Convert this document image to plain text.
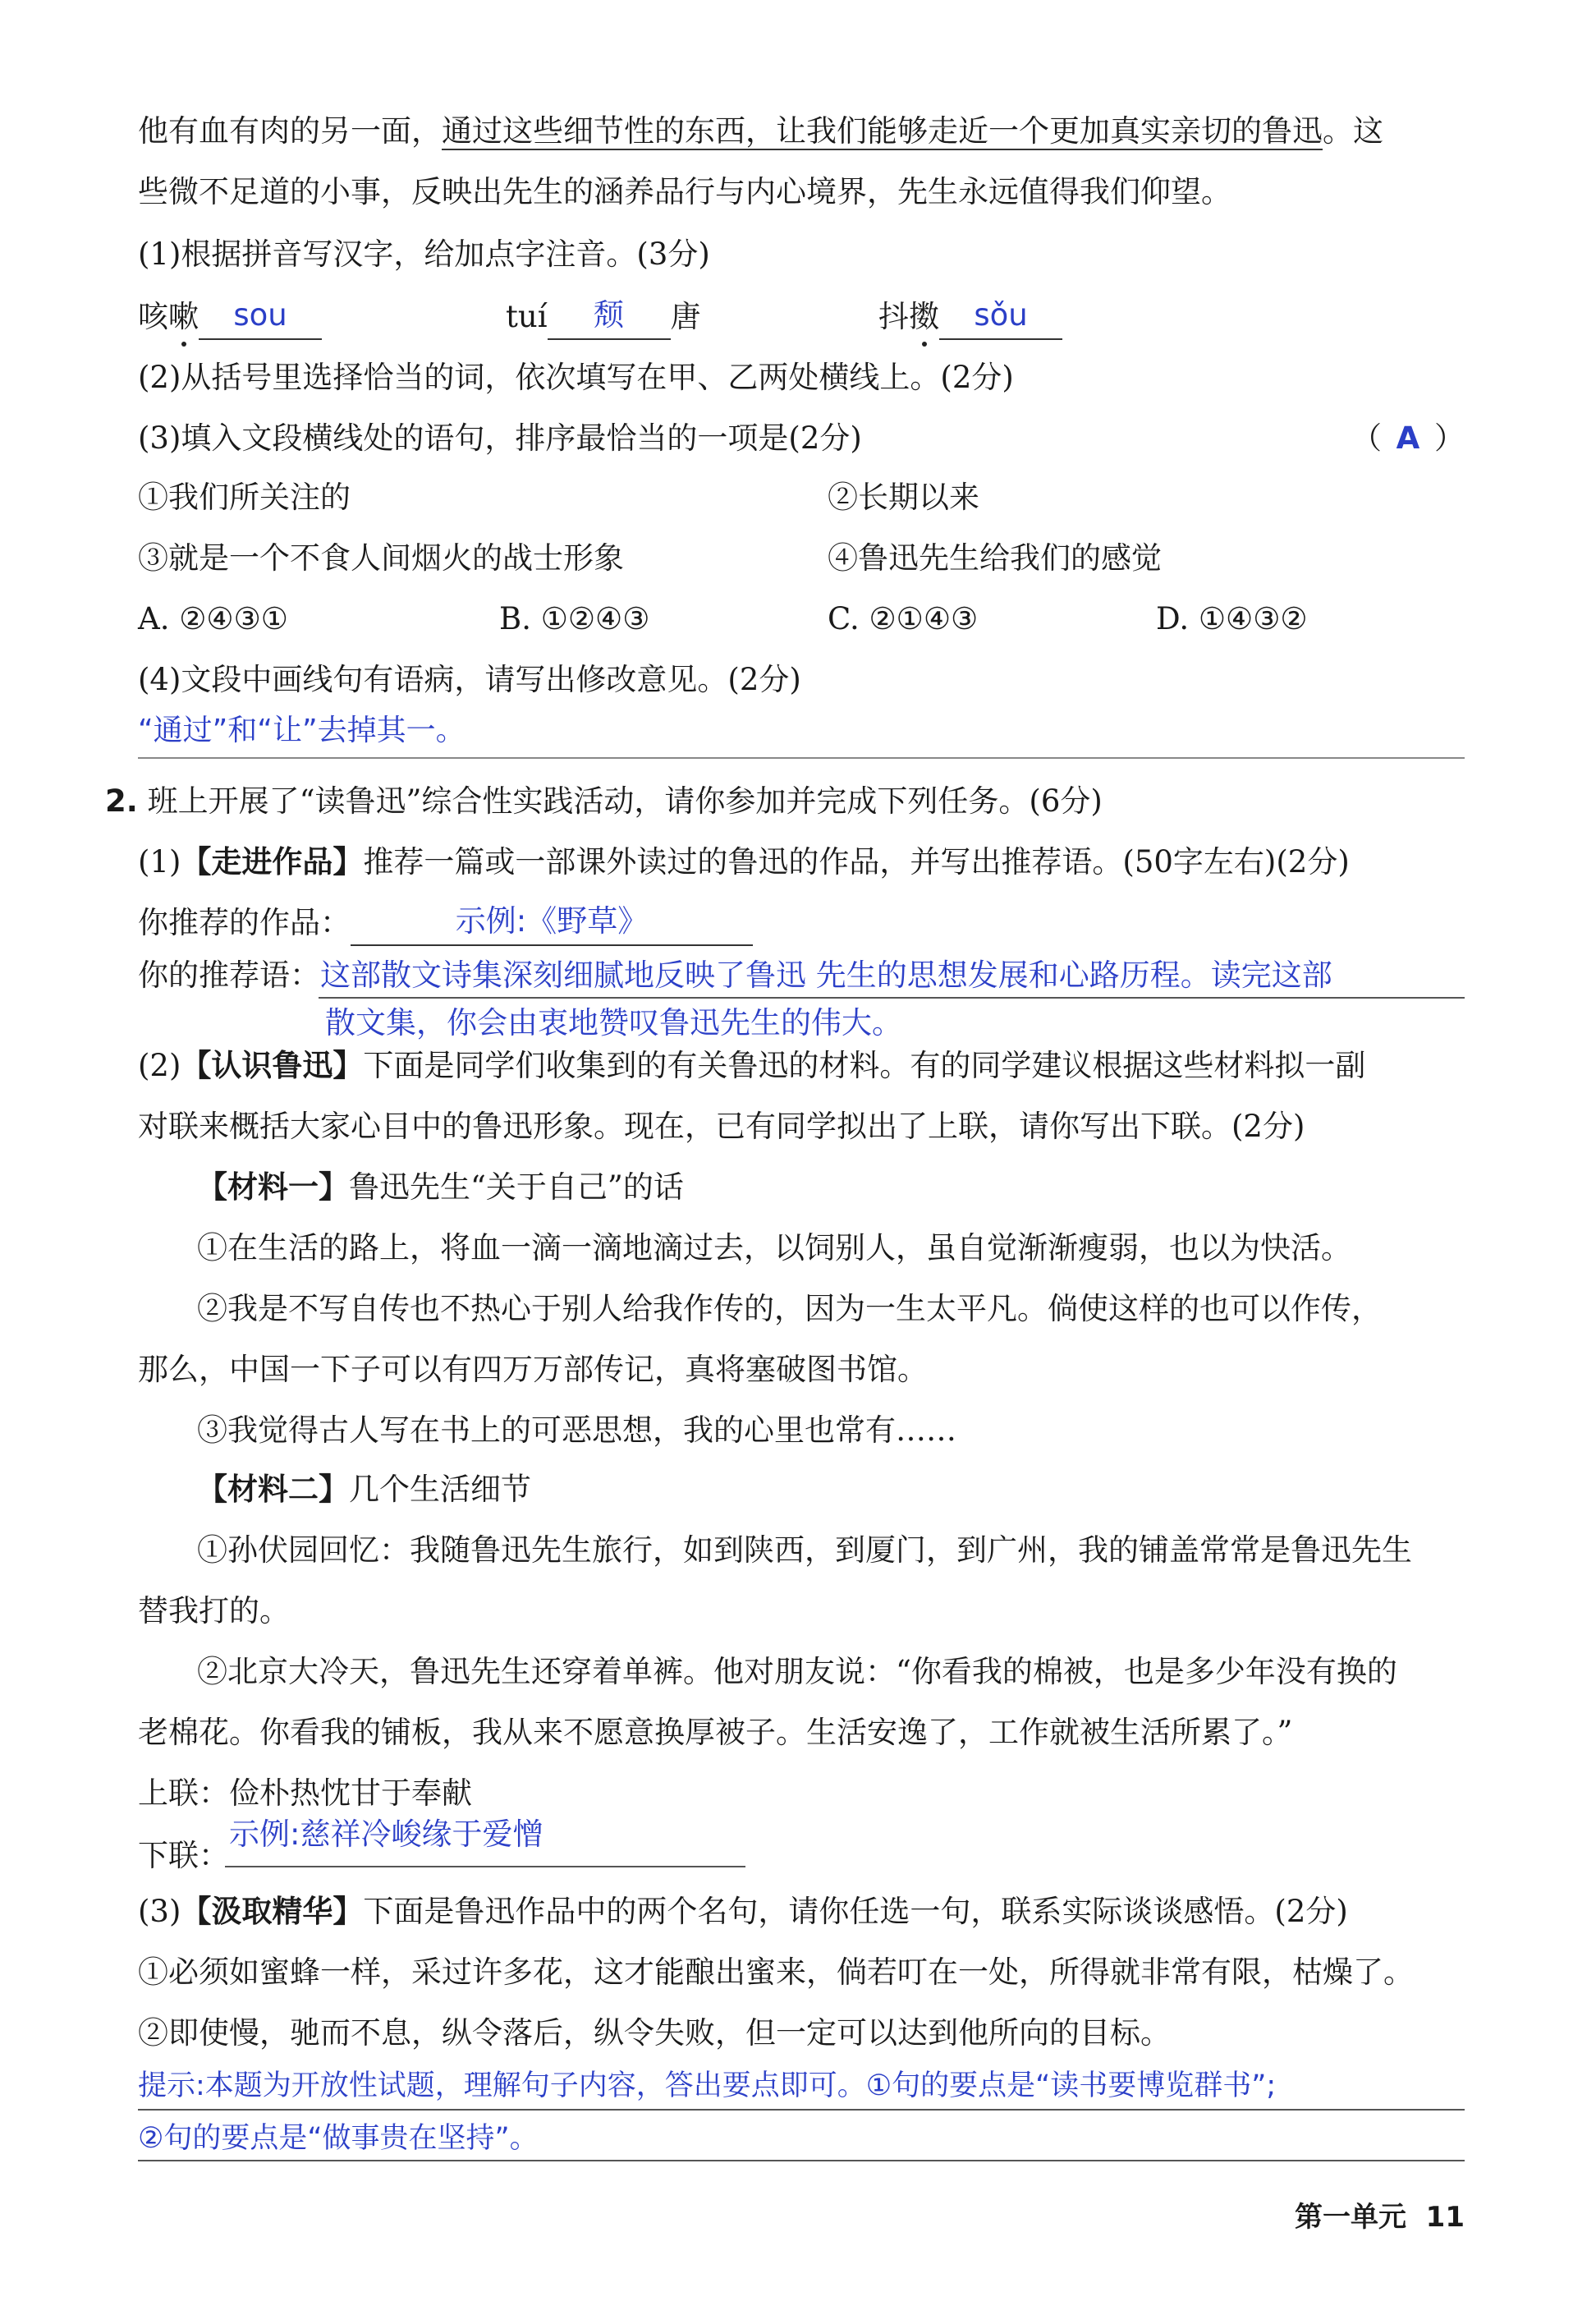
他有血有肉的另一面，通过这些细节性的东西，让我们能够走近一个更加真实亲切的鲁迅。这
些微不足道的小事，反映出先生的涵养品行与内心境界，先生永远值得我们仰望。
(1)根据拼音写汉字，给加点字注音。(3分)
咳嗽 sou	tuí 颓 唐	抖擞 sǒu
(2)从括号里选择恰当的词，依次填写在甲、乙两处横线上。(2分)
(3)填入文段横线处的语句，排序最恰当的一项是(2分)	（ A ）
①我们所关注的	②长期以来
③就是一个不食人间烟火的战士形象	④鲁迅先生给我们的感觉
A. ②④③①	B. ①②④③	C. ②①④③	D. ①④③②
(4)文段中画线句有语病，请写出修改意见。(2分)
“通过”和“让”去掉其一。
2. 班上开展了“读鲁迅”综合性实践活动，请你参加并完成下列任务。(6分)
(1)【走进作品】推荐一篇或一部课外读过的鲁迅的作品，并写出推荐语。(50字左右)(2分)
你推荐的作品：	示例:《野草》
你的推荐语：这部散文诗集深刻细腻地反映了鲁迅 先生的思想发展和心路历程。读完这部
散文集，你会由衷地赞叹鲁迅先生的伟大。
(2)【认识鲁迅】下面是同学们收集到的有关鲁迅的材料。有的同学建议根据这些材料拟一副
对联来概括大家心目中的鲁迅形象。现在，已有同学拟出了上联，请你写出下联。(2分)
【材料一】鲁迅先生“关于自己”的话
①在生活的路上，将血一滴一滴地滴过去，以饲别人，虽自觉渐渐瘦弱，也以为快活。
②我是不写自传也不热心于别人给我作传的，因为一生太平凡。倘使这样的也可以作传，
那么，中国一下子可以有四万万部传记，真将塞破图书馆。
③我觉得古人写在书上的可恶思想，我的心里也常有……
【材料二】几个生活细节
①孙伏园回忆：我随鲁迅先生旅行，如到陕西，到厦门，到广州，我的铺盖常常是鲁迅先生
替我打的。
②北京大冷天，鲁迅先生还穿着单裤。他对朋友说：“你看我的棉被，也是多少年没有换的
老棉花。你看我的铺板，我从来不愿意换厚被子。生活安逸了，工作就被生活所累了。”
上联：俭朴热忱甘于奉献
下联：示例:慈祥冷峻缘于爱憎
(3)【汲取精华】下面是鲁迅作品中的两个名句，请你任选一句，联系实际谈谈感悟。(2分)
①必须如蜜蜂一样，采过许多花，这才能酿出蜜来，倘若叮在一处，所得就非常有限，枯燥了。
②即使慢，驰而不息，纵令落后，纵令失败，但一定可以达到他所向的目标。
提示:本题为开放性试题，理解句子内容，答出要点即可。①句的要点是“读书要博览群书”;
②句的要点是“做事贵在坚持”。
第一单元 11
